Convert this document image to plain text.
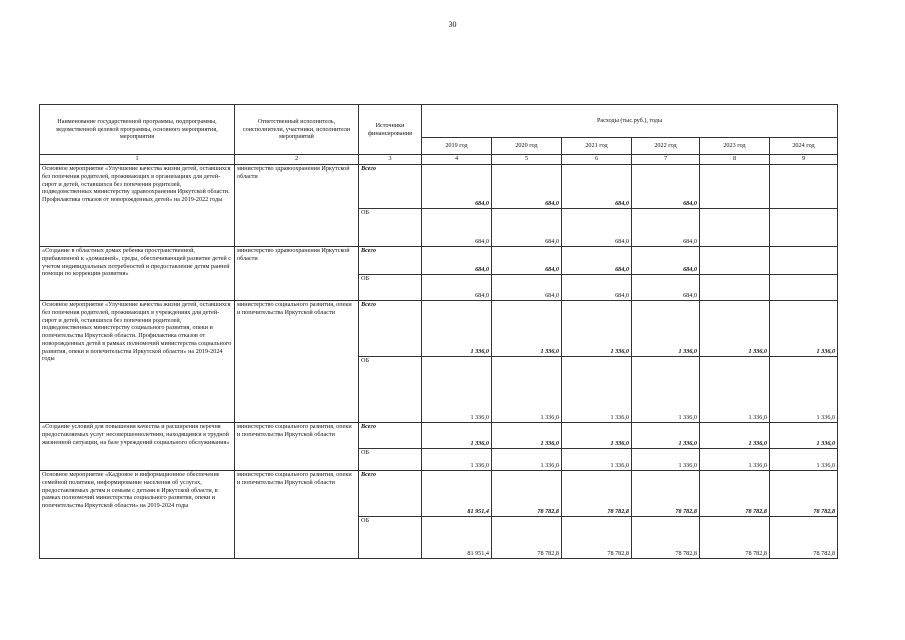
30
Наименование государственной программы, подпрограммы, ведомственной целевой программы, основного мероприятия, мероприятия	Ответственный исполнитель, соисполнители, участники, исполнители мероприятий	Источники финансирования	Расходы (тыс.руб.), годы					
			2019 год	2020 год	2021 год	2022 год	2023 год	2024 год
1	2	3	4	5	6	7	8	9
Основное мероприятие «Улучшение качества жизни детей, оставшихся без попечения родителей, проживающих в организациях для детей-сирот и детей, оставшихся без попечения родителей, подведомственных министерству здравоохранения Иркутской области. Профилактика отказов от новорожденных детей» на 2019-2022 годы	министерство здравоохранения Иркутской области	Всего	684,0	684,0	684,0	684,0		
		ОБ	684,0	684,0	684,0	684,0		
«Создание в областных домах ребенка пространственной, прибавленной к «домашней», среды, обеспечивающей развитие детей с учетом индивидуальных потребностей и предоставление детям ранней помощи по коррекции развития»	министерство здравоохранения Иркутской области	Всего	684,0	684,0	684,0	684,0		
		ОБ	684,0	684,0	684,0	684,0		
Основное мероприятие «Улучшение качества жизни детей, оставшихся без попечения родителей, проживающих в учреждениях для детей-сирот и детей, оставшихся без попечения родителей, подведомственных министерству социального развития, опеки и попечительства Иркутской области. Профилактика отказов от новорожденных детей в рамках полномочий министерства социального развития, опеки и попечительства Иркутской области» на 2019-2024 годы	министерство социального развития, опеки и попечительства Иркутской области	Всего	1 336,0	1 336,0	1 336,0	1 336,0	1 336,0	1 336,0
		ОБ	1 336,0	1 336,0	1 336,0	1 336,0	1 336,0	1 336,0
«Создание условий для повышения качества и расширения перечня предоставляемых услуг несовершеннолетним, находящимся в трудной жизненной ситуации, на базе учреждений социального обслуживания»	министерство социального развития, опеки и попечительства Иркутской области	Всего	1 336,0	1 336,0	1 336,0	1 336,0	1 336,0	1 336,0
		ОБ	1 336,0	1 336,0	1 336,0	1 336,0	1 336,0	1 336,0
Основное мероприятие «Кадровое и информационное обеспечение семейной политики, информирование населения об услугах, предоставляемых детям и семьям с детьми в Иркутской области, в рамках полномочий министерства социального развития, опеки и попечительства Иркутской области» на 2019-2024 годы	министерство социального развития, опеки и попечительства Иркутской области	Всего	81 951,4	78 782,8	78 782,8	78 782,8	78 782,8	78 782,8
		ОБ	81 951,4	78 782,8	78 782,8	78 782,8	78 782,8	78 782,8
